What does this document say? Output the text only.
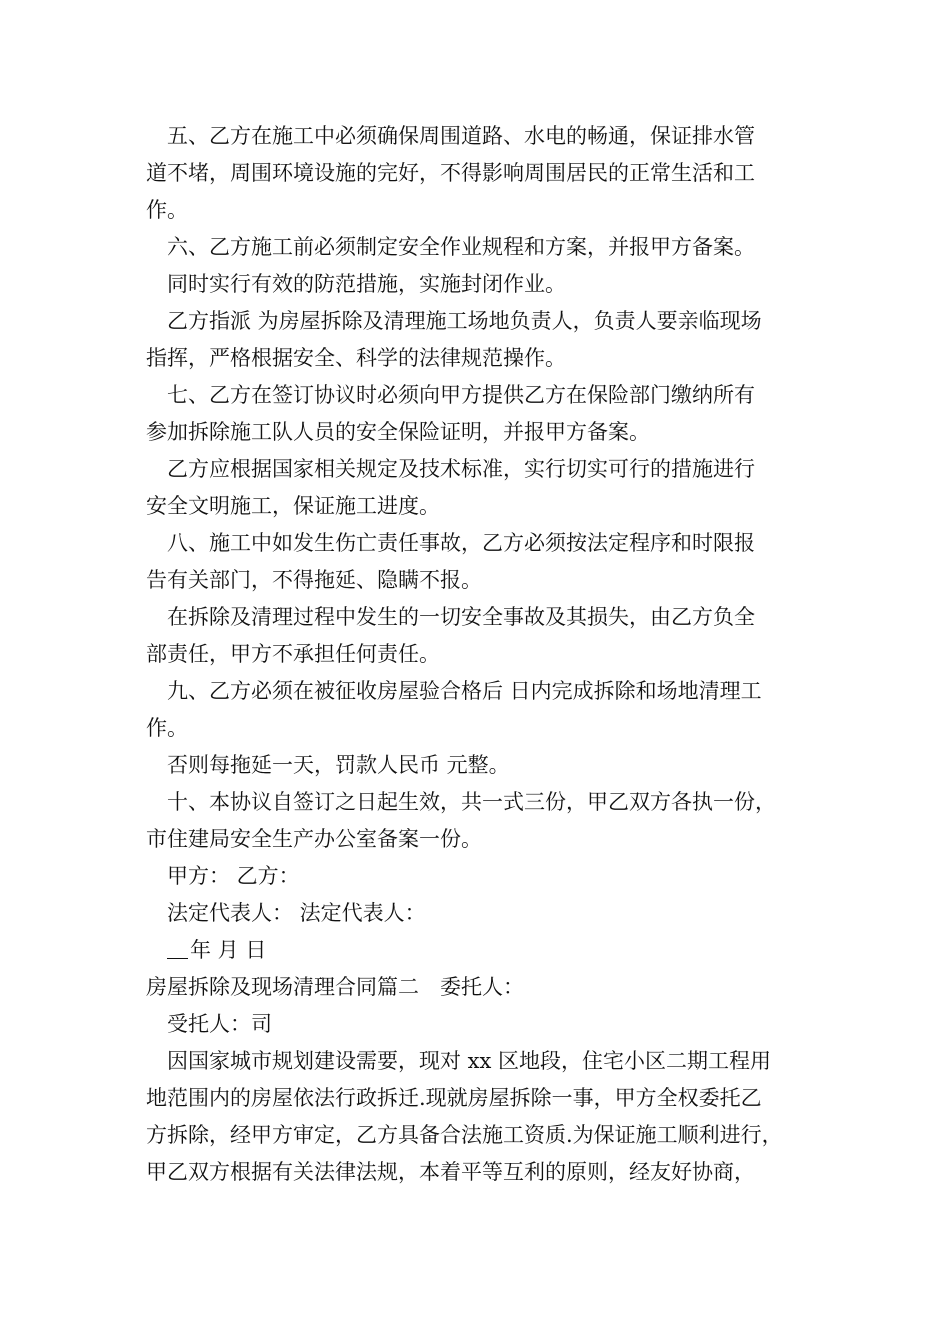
五、乙方在施工中必须确保周围道路、水电的畅通，保证排水管

道不堵，周围环境设施的完好，不得影响周围居民的正常生活和工

作。

六、乙方施工前必须制定安全作业规程和方案，并报甲方备案。

同时实行有效的防范措施，实施封闭作业。

乙方指派 为房屋拆除及清理施工场地负责人，负责人要亲临现场

指挥，严格根据安全、科学的法律规范操作。

七、乙方在签订协议时必须向甲方提供乙方在保险部门缴纳所有

参加拆除施工队人员的安全保险证明，并报甲方备案。

乙方应根据国家相关规定及技术标准，实行切实可行的措施进行

安全文明施工，保证施工进度。

八、施工中如发生伤亡责任事故，乙方必须按法定程序和时限报

告有关部门，不得拖延、隐瞒不报。

在拆除及清理过程中发生的一切安全事故及其损失，由乙方负全

部责任，甲方不承担任何责任。

九、乙方必须在被征收房屋验合格后 日内完成拆除和场地清理工

作。

否则每拖延一天，罚款人民币 元整。

十、本协议自签订之日起生效，共一式三份，甲乙双方各执一份，

市住建局安全生产办公室备案一份。

甲方： 乙方：

法定代表人： 法定代表人：

年 月 日

房屋拆除及现场清理合同篇二　委托人：

受托人：司

因国家城市规划建设需要，现对 xx 区地段，住宅小区二期工程用

地范围内的房屋依法行政拆迁.现就房屋拆除一事，甲方全权委托乙

方拆除，经甲方审定，乙方具备合法施工资质.为保证施工顺利进行，

甲乙双方根据有关法律法规，本着平等互利的原则，经友好协商，
